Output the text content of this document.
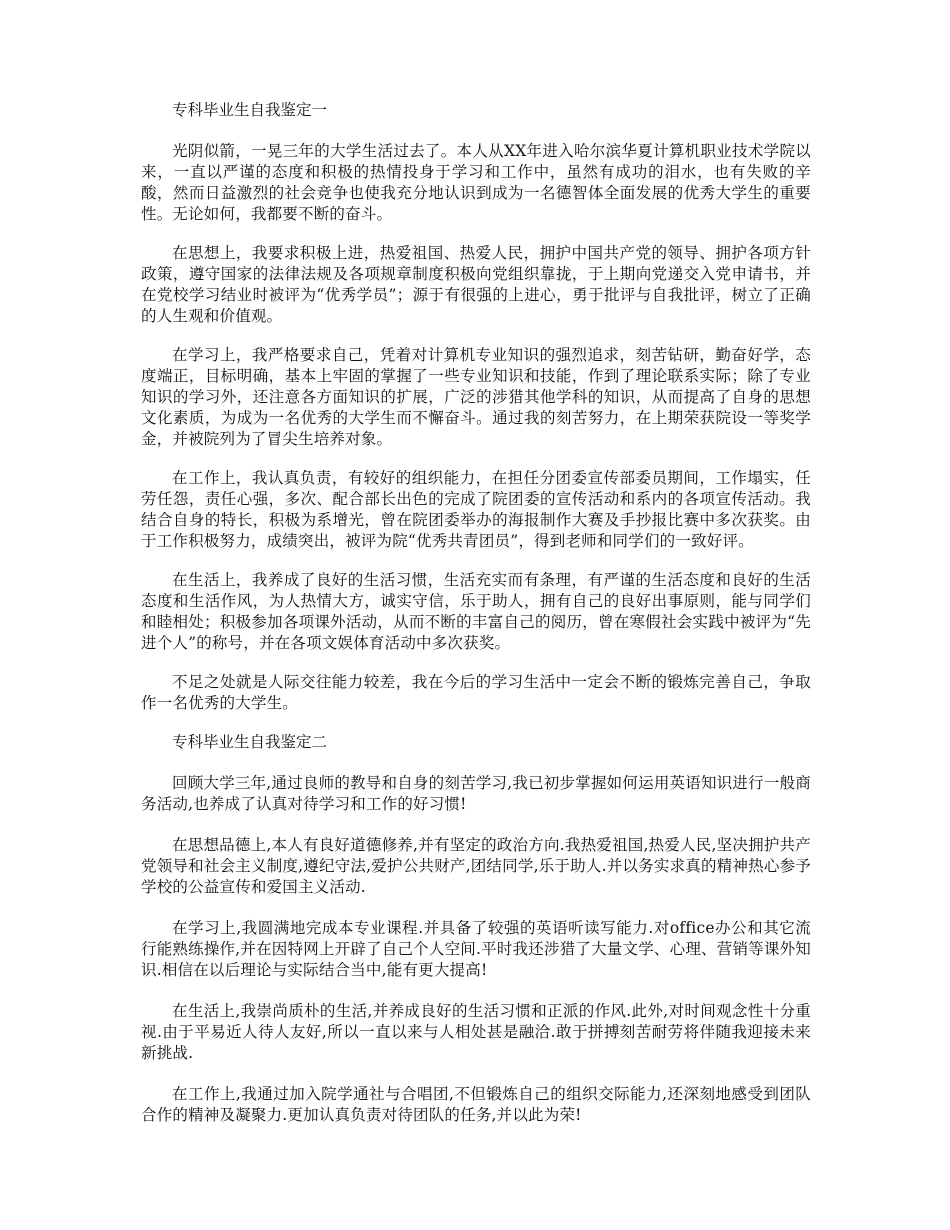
专科毕业生自我鉴定一

光阴似箭，一晃三年的大学生活过去了。本人从XX年进入哈尔滨华夏计算机职业技术学院以来，一直以严谨的态度和积极的热情投身于学习和工作中，虽然有成功的泪水，也有失败的辛酸，然而日益激烈的社会竞争也使我充分地认识到成为一名德智体全面发展的优秀大学生的重要性。无论如何，我都要不断的奋斗。

在思想上，我要求积极上进，热爱祖国、热爱人民，拥护中国共产党的领导、拥护各项方针政策，遵守国家的法律法规及各项规章制度积极向党组织靠拢，于上期向党递交入党申请书，并在党校学习结业时被评为“优秀学员”；源于有很强的上进心，勇于批评与自我批评，树立了正确的人生观和价值观。

在学习上，我严格要求自己，凭着对计算机专业知识的强烈追求，刻苦钻研，勤奋好学，态度端正，目标明确，基本上牢固的掌握了一些专业知识和技能，作到了理论联系实际；除了专业知识的学习外，还注意各方面知识的扩展，广泛的涉猎其他学科的知识，从而提高了自身的思想文化素质，为成为一名优秀的大学生而不懈奋斗。通过我的刻苦努力，在上期荣获院设一等奖学金，并被院列为了冒尖生培养对象。

在工作上，我认真负责，有较好的组织能力，在担任分团委宣传部委员期间，工作塌实，任劳任怨，责任心强，多次、配合部长出色的完成了院团委的宣传活动和系内的各项宣传活动。我结合自身的特长，积极为系增光，曾在院团委举办的海报制作大赛及手抄报比赛中多次获奖。由于工作积极努力，成绩突出，被评为院“优秀共青团员”，得到老师和同学们的一致好评。

在生活上，我养成了良好的生活习惯，生活充实而有条理，有严谨的生活态度和良好的生活态度和生活作风，为人热情大方，诚实守信，乐于助人，拥有自己的良好出事原则，能与同学们和睦相处；积极参加各项课外活动，从而不断的丰富自己的阅历，曾在寒假社会实践中被评为“先进个人”的称号，并在各项文娱体育活动中多次获奖。

不足之处就是人际交往能力较差，我在今后的学习生活中一定会不断的锻炼完善自己，争取作一名优秀的大学生。

专科毕业生自我鉴定二

回顾大学三年,通过良师的教导和自身的刻苦学习,我已初步掌握如何运用英语知识进行一般商务活动,也养成了认真对待学习和工作的好习惯!

在思想品德上,本人有良好道德修养,并有坚定的政治方向.我热爱祖国,热爱人民,坚决拥护共产党领导和社会主义制度,遵纪守法,爱护公共财产,团结同学,乐于助人.并以务实求真的精神热心参予学校的公益宣传和爱国主义活动.

在学习上,我圆满地完成本专业课程.并具备了较强的英语听读写能力.对office办公和其它流行能熟练操作,并在因特网上开辟了自己个人空间.平时我还涉猎了大量文学、心理、营销等课外知识.相信在以后理论与实际结合当中,能有更大提高!

在生活上,我崇尚质朴的生活,并养成良好的生活习惯和正派的作风.此外,对时间观念性十分重视.由于平易近人待人友好,所以一直以来与人相处甚是融洽.敢于拼搏刻苦耐劳将伴随我迎接未来新挑战.

在工作上,我通过加入院学通社与合唱团,不但锻炼自己的组织交际能力,还深刻地感受到团队合作的精神及凝聚力.更加认真负责对待团队的任务,并以此为荣!
